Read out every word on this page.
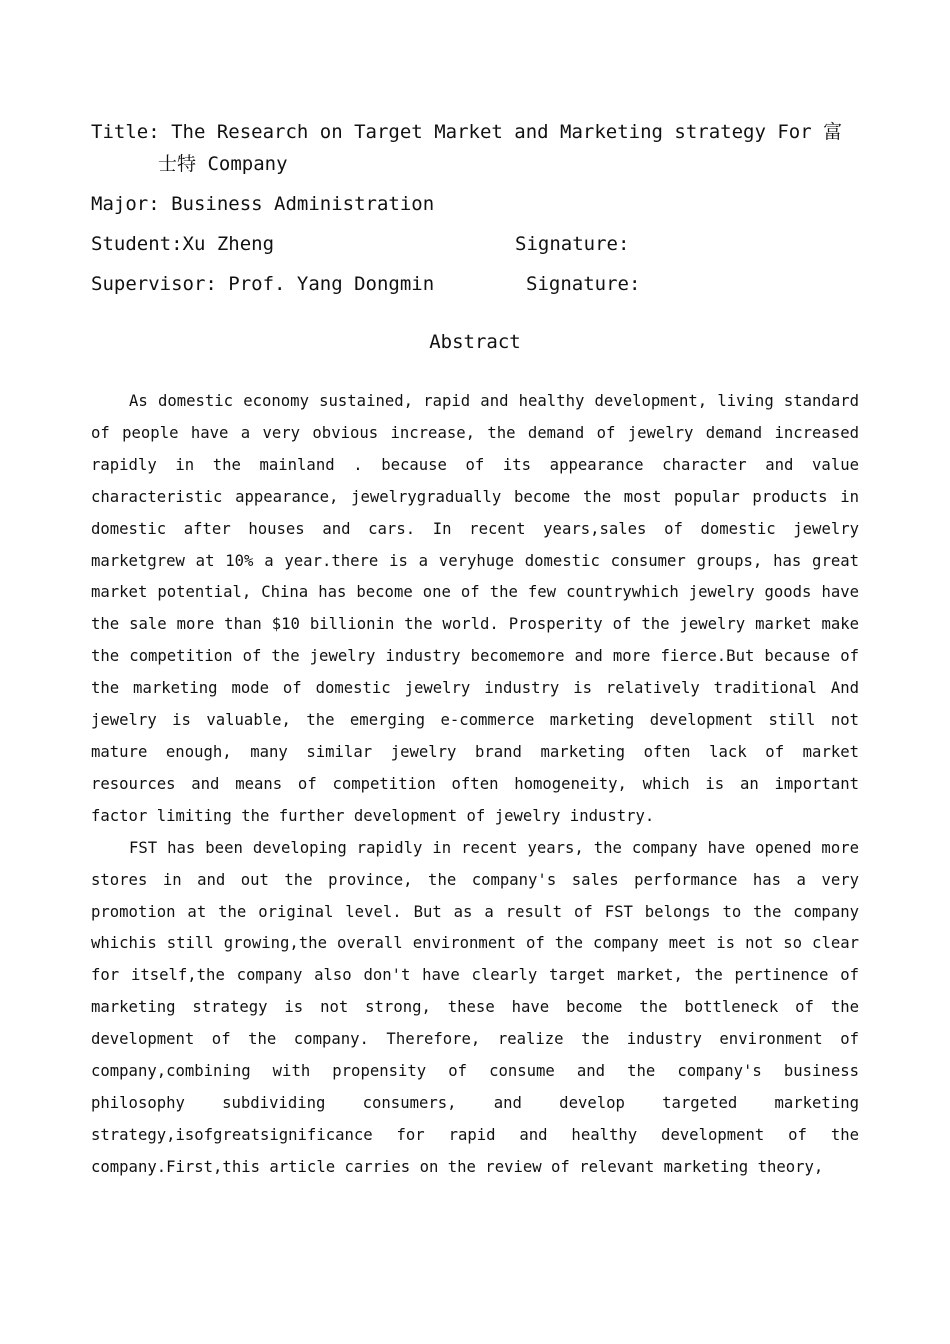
Title: The Research on Target Market and Marketing strategy For 富士特 Company
Major: Business Administration
Student:Xu Zheng	Signature:
Supervisor: Prof. Yang Dongmin	Signature:
Abstract

As domestic economy sustained, rapid and healthy development, living standard of people have a very obvious increase, the demand of jewelry demand increased rapidly in the mainland . because of its appearance character and value characteristic appearance, jewelrygradually become the most popular products in domestic after houses and cars. In recent years,sales of domestic jewelry marketgrew at 10% a year.there is a veryhuge domestic consumer groups, has great market potential, China has become one of the few countrywhich jewelry goods have the sale more than $10 billionin the world. Prosperity of the jewelry market make the competition of the jewelry industry becomemore and more fierce.But because of the marketing mode of domestic jewelry industry is relatively traditional And jewelry is valuable, the emerging e-commerce marketing development still not mature enough, many similar jewelry brand marketing often lack of market resources and means of competition often homogeneity, which is an important factor limiting the further development of jewelry industry.

FST has been developing rapidly in recent years, the company have opened more stores in and out the province, the company's sales performance has a very promotion at the original level. But as a result of FST belongs to the company whichis still growing,the overall environment of the company meet is not so clear for itself,the company also don't have clearly target market, the pertinence of marketing strategy is not strong, these have become the bottleneck of the development of the company. Therefore, realize the industry environment of company,combining with propensity of consume and the company's business philosophy subdividing consumers, and develop targeted marketing strategy,isofgreatsignificance for rapid and healthy development of the company.First,this article carries on the review of relevant marketing theory,
